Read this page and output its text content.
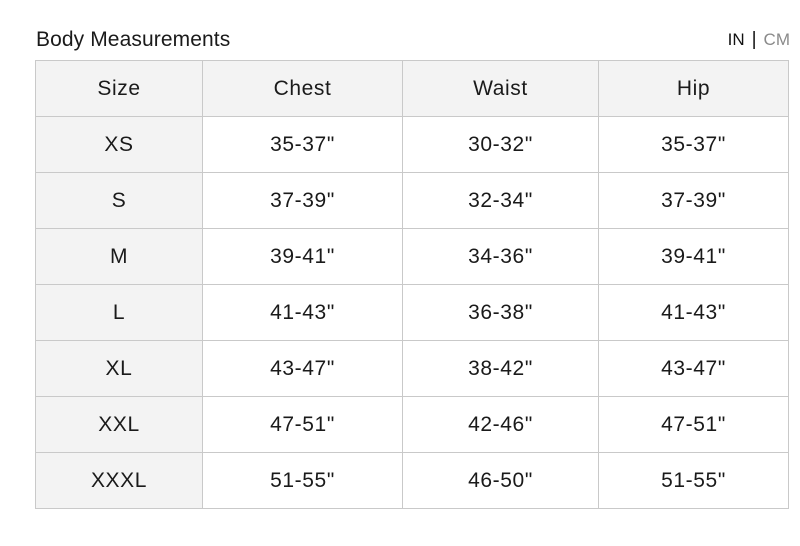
Body Measurements	IN | CM
Size	Chest	Waist	Hip
XS	35-37"	30-32"	35-37"
S	37-39"	32-34"	37-39"
M	39-41"	34-36"	39-41"
L	41-43"	36-38"	41-43"
XL	43-47"	38-42"	43-47"
XXL	47-51"	42-46"	47-51"
XXXL	51-55"	46-50"	51-55"
